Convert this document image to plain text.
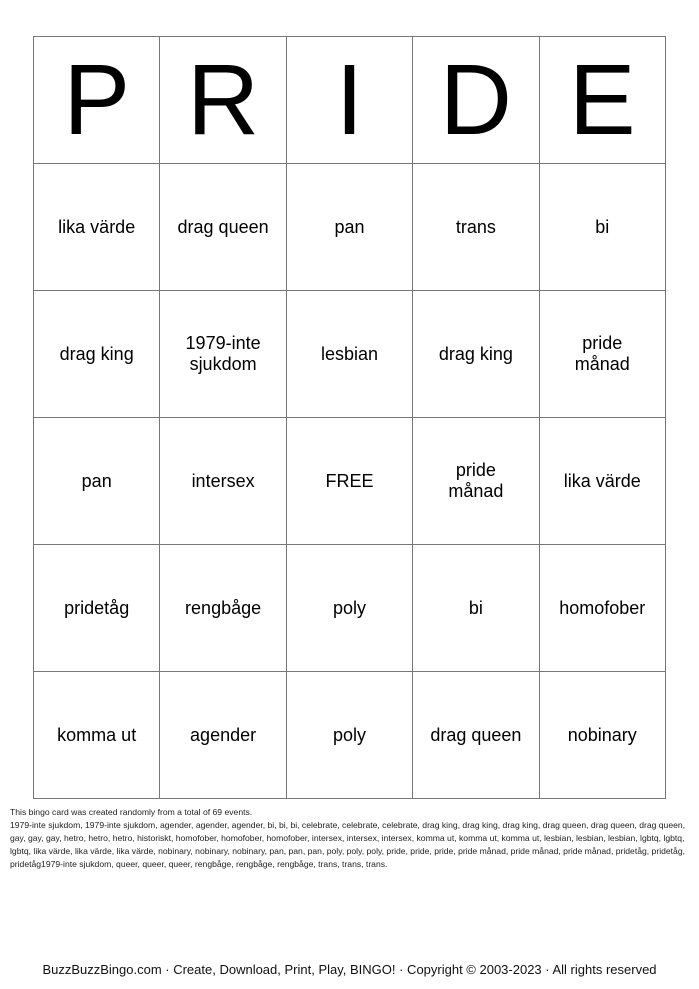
P	R	I	D	E
lika värde	drag queen	pan	trans	bi
drag king	1979-inte sjukdom	lesbian	drag king	pride månad
pan	intersex	FREE	pride månad	lika värde
pridetåg	rengbåge	poly	bi	homofober
komma ut	agender	poly	drag queen	nobinary
This bingo card was created randomly from a total of 69 events.
1979-inte sjukdom, 1979-inte sjukdom, agender, agender, agender, bi, bi, bi, celebrate, celebrate, celebrate, drag king, drag king, drag king, drag queen, drag queen, drag queen, gay, gay, gay, hetro, hetro, hetro, historiskt, homofober, homofober, homofober, intersex, intersex, intersex, komma ut, komma ut, komma ut, lesbian, lesbian, lesbian, lgbtq, lgbtq, lgbtq, lika värde, lika värde, lika värde, nobinary, nobinary, nobinary, pan, pan, pan, poly, poly, poly, pride, pride, pride, pride månad, pride månad, pride månad, pridetåg, pridetåg, pridetåg1979-inte sjukdom, queer, queer, queer, rengbåge, rengbåge, rengbåge, trans, trans, trans.
BuzzBuzzBingo.com · Create, Download, Print, Play, BINGO! · Copyright © 2003-2023 · All rights reserved
